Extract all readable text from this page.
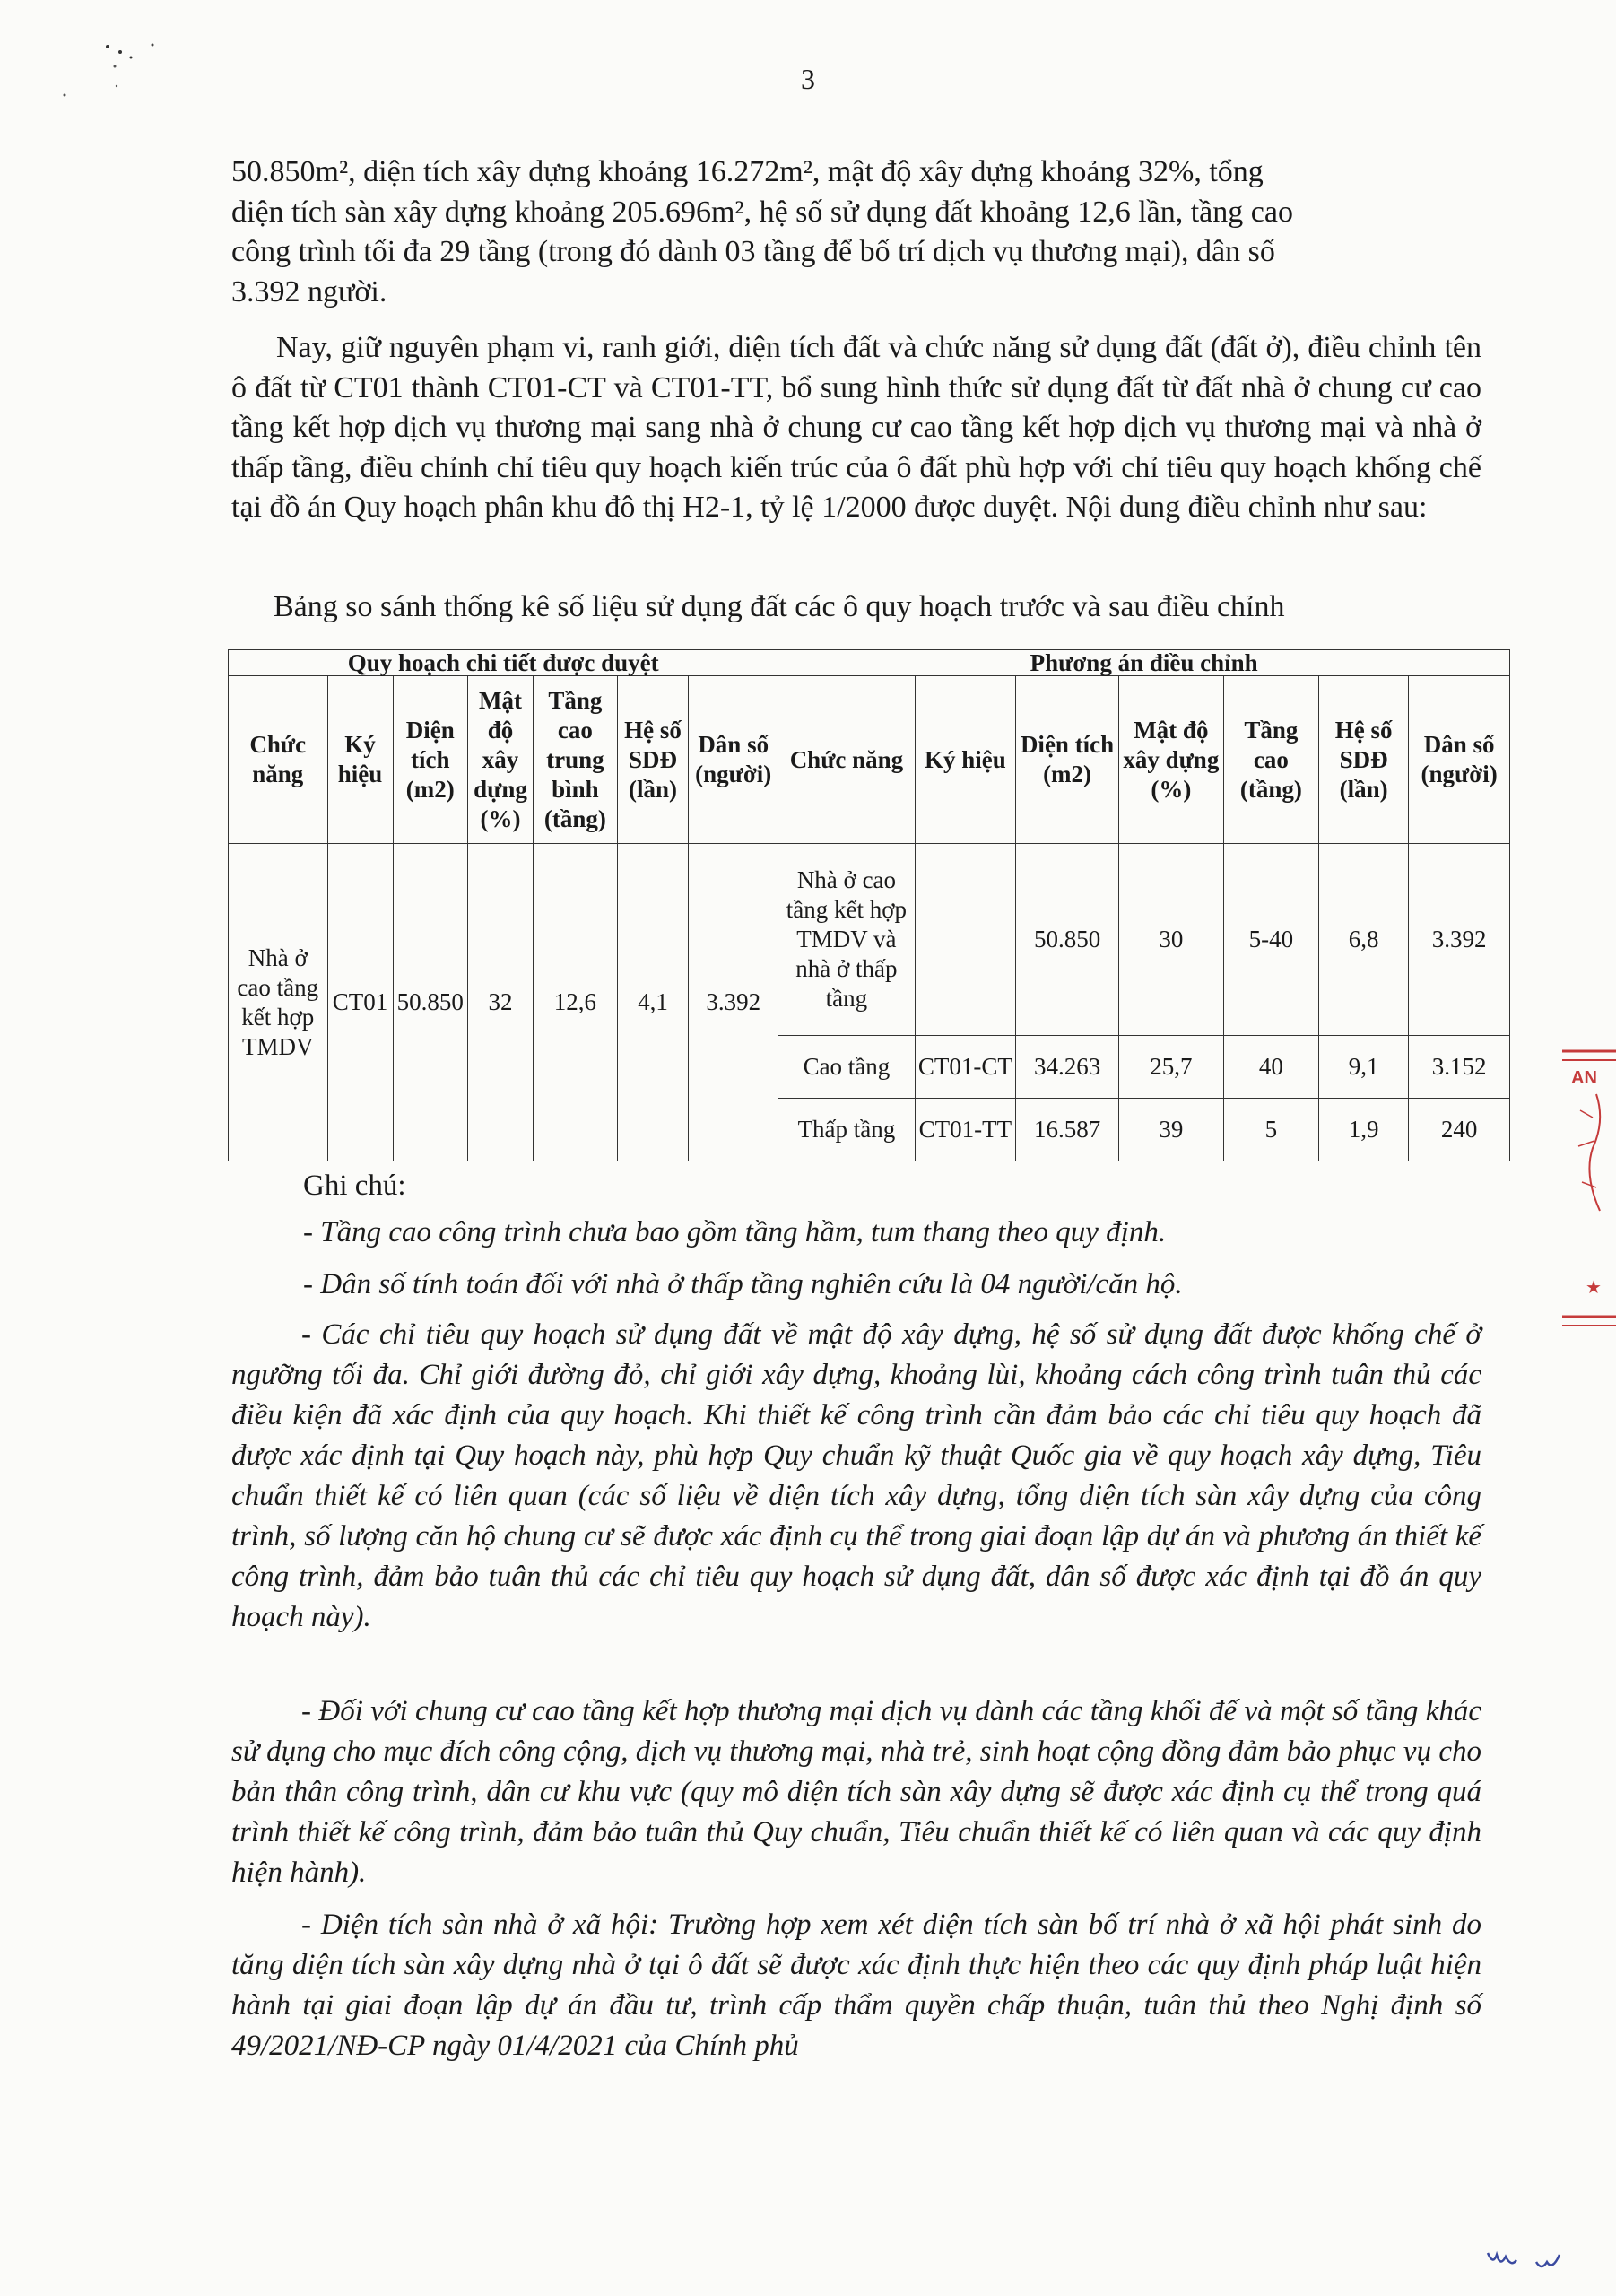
3

50.850m², diện tích xây dựng khoảng 16.272m², mật độ xây dựng khoảng 32%, tổng
diện tích sàn xây dựng khoảng 205.696m², hệ số sử dụng đất khoảng 12,6 lần, tầng cao
công trình tối đa 29 tầng (trong đó dành 03 tầng để bố trí dịch vụ thương mại), dân số
3.392 người.

Nay, giữ nguyên phạm vi, ranh giới, diện tích đất và chức năng sử dụng đất (đất ở), điều chỉnh tên ô đất từ CT01 thành CT01-CT và CT01-TT, bổ sung hình thức sử dụng đất từ đất nhà ở chung cư cao tầng kết hợp dịch vụ thương mại sang nhà ở chung cư cao tầng kết hợp dịch vụ thương mại và nhà ở thấp tầng, điều chỉnh chỉ tiêu quy hoạch kiến trúc của ô đất phù hợp với chỉ tiêu quy hoạch khống chế tại đồ án Quy hoạch phân khu đô thị H2-1, tỷ lệ 1/2000 được duyệt. Nội dung điều chỉnh như sau:

Bảng so sánh thống kê số liệu sử dụng đất các ô quy hoạch trước và sau điều chỉnh
Quy hoạch chi tiết được duyệt							Phương án điều chỉnh						
Chức năng	Ký hiệu	Diện tích (m2)	Mật độ xây dựng (%)	Tầng cao trung bình (tầng)	Hệ số SDĐ (lần)	Dân số (người)	Chức năng	Ký hiệu	Diện tích (m2)	Mật độ xây dựng (%)	Tầng cao (tầng)	Hệ số SDĐ (lần)	Dân số (người)
Nhà ở cao tầng kết hợp TMDV	CT01	50.850	32	12,6	4,1	3.392	Nhà ở cao tầng kết hợp TMDV và nhà ở thấp tầng		50.850	30	5-40	6,8	3.392
							Cao tầng	CT01-CT	34.263	25,7	40	9,1	3.152
							Thấp tầng	CT01-TT	16.587	39	5	1,9	240
Ghi chú:
- Tầng cao công trình chưa bao gồm tầng hầm, tum thang theo quy định.
- Dân số tính toán đối với nhà ở thấp tầng nghiên cứu là 04 người/căn hộ.
- Các chỉ tiêu quy hoạch sử dụng đất về mật độ xây dựng, hệ số sử dụng đất được khống chế ở ngưỡng tối đa. Chỉ giới đường đỏ, chỉ giới xây dựng, khoảng lùi, khoảng cách công trình tuân thủ các điều kiện đã xác định của quy hoạch. Khi thiết kế công trình cần đảm bảo các chỉ tiêu quy hoạch đã được xác định tại Quy hoạch này, phù hợp Quy chuẩn kỹ thuật Quốc gia về quy hoạch xây dựng, Tiêu chuẩn thiết kế có liên quan (các số liệu về diện tích xây dựng, tổng diện tích sàn xây dựng của công trình, số lượng căn hộ chung cư sẽ được xác định cụ thể trong giai đoạn lập dự án và phương án thiết kế công trình, đảm bảo tuân thủ các chỉ tiêu quy hoạch sử dụng đất, dân số được xác định tại đồ án quy hoạch này).
- Đối với chung cư cao tầng kết hợp thương mại dịch vụ dành các tầng khối đế và một số tầng khác sử dụng cho mục đích công cộng, dịch vụ thương mại, nhà trẻ, sinh hoạt cộng đồng đảm bảo phục vụ cho bản thân công trình, dân cư khu vực (quy mô diện tích sàn xây dựng sẽ được xác định cụ thể trong quá trình thiết kế công trình, đảm bảo tuân thủ Quy chuẩn, Tiêu chuẩn thiết kế có liên quan và các quy định hiện hành).
- Diện tích sàn nhà ở xã hội: Trường hợp xem xét diện tích sàn bố trí nhà ở xã hội phát sinh do tăng diện tích sàn xây dựng nhà ở tại ô đất sẽ được xác định thực hiện theo các quy định pháp luật hiện hành tại giai đoạn lập dự án đầu tư, trình cấp thẩm quyền chấp thuận, tuân thủ theo Nghị định số 49/2021/NĐ-CP ngày 01/4/2021 của Chính phủ
AN
★
